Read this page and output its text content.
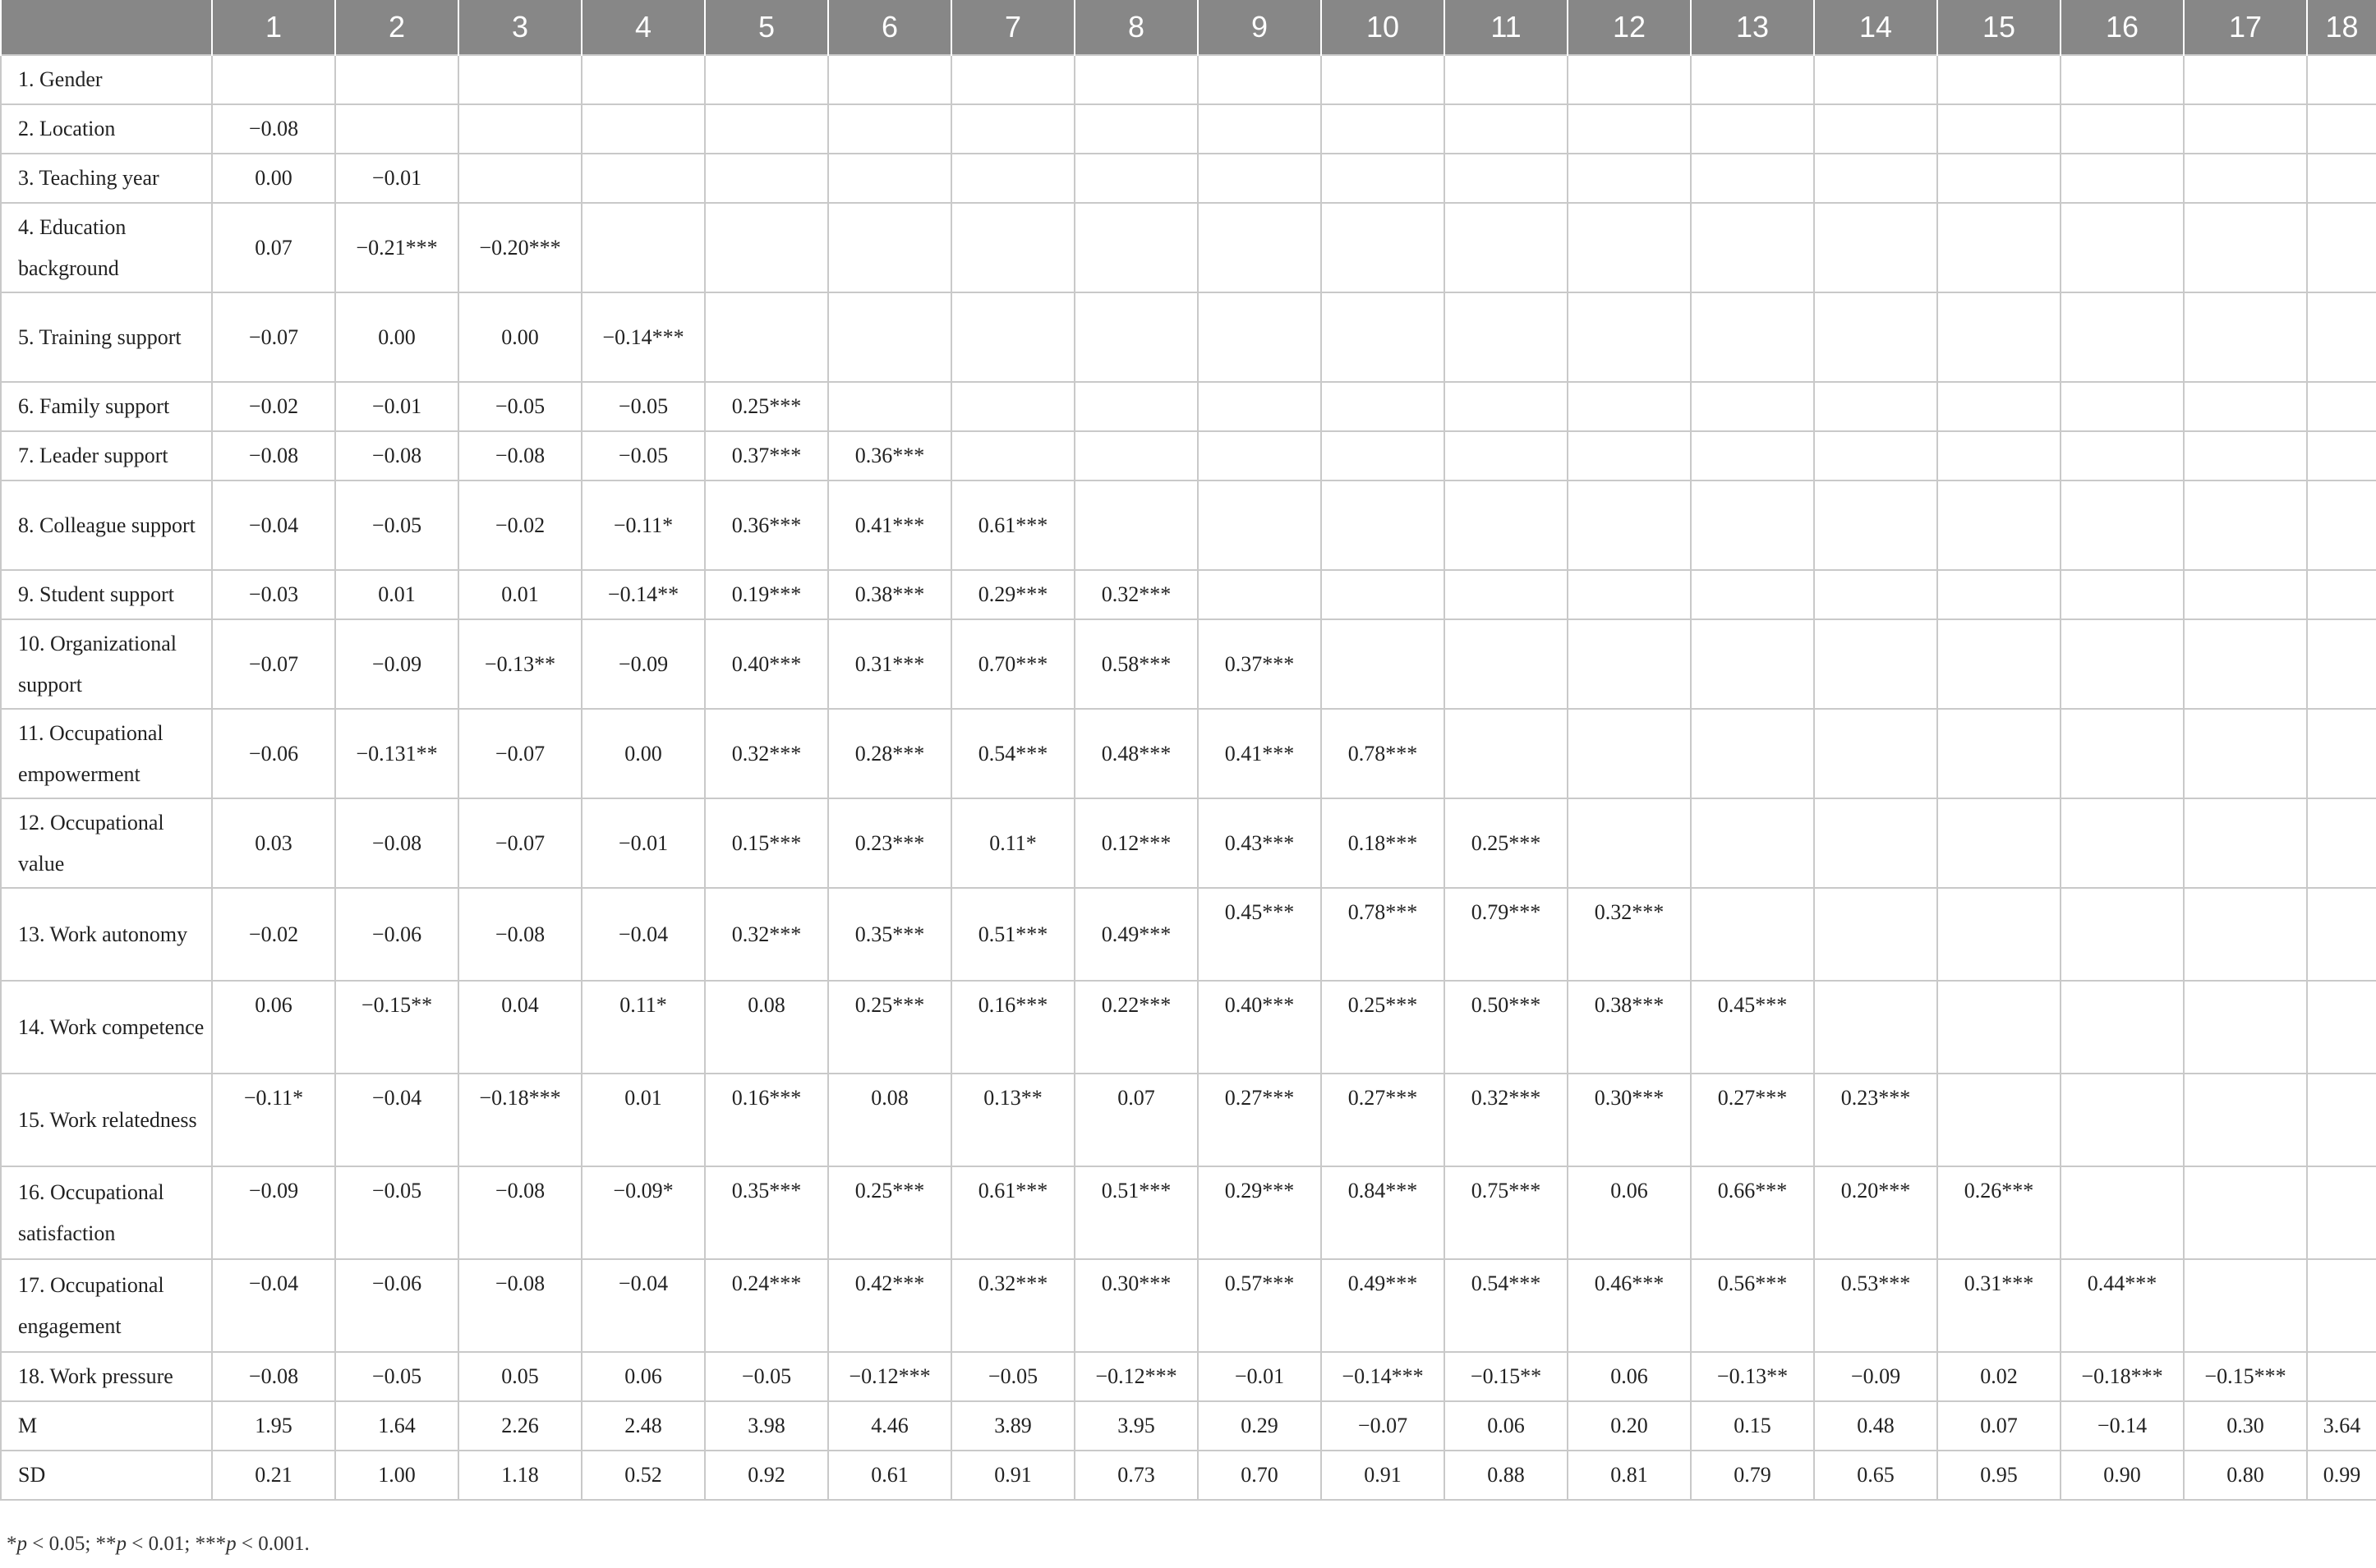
	1	2	3	4	5	6	7	8	9	10	11	12	13	14	15	16	17	18
1. Gender																		
2. Location	−0.08																	
3. Teaching year	0.00	−0.01																
4. Education background	0.07	−0.21***	−0.20***															
5. Training support	−0.07	0.00	0.00	−0.14***														
6. Family support	−0.02	−0.01	−0.05	−0.05	0.25***													
7. Leader support	−0.08	−0.08	−0.08	−0.05	0.37***	0.36***												
8. Colleague support	−0.04	−0.05	−0.02	−0.11*	0.36***	0.41***	0.61***											
9. Student support	−0.03	0.01	0.01	−0.14**	0.19***	0.38***	0.29***	0.32***										
10. Organizational support	−0.07	−0.09	−0.13**	−0.09	0.40***	0.31***	0.70***	0.58***	0.37***									
11. Occupational empowerment	−0.06	−0.131**	−0.07	0.00	0.32***	0.28***	0.54***	0.48***	0.41***	0.78***								
12. Occupational value	0.03	−0.08	−0.07	−0.01	0.15***	0.23***	0.11*	0.12***	0.43***	0.18***	0.25***							
13. Work autonomy	−0.02	−0.06	−0.08	−0.04	0.32***	0.35***	0.51***	0.49***	0.45***	0.78***	0.79***	0.32***						
14. Work competence	0.06	−0.15**	0.04	0.11*	0.08	0.25***	0.16***	0.22***	0.40***	0.25***	0.50***	0.38***	0.45***					
15. Work relatedness	−0.11*	−0.04	−0.18***	0.01	0.16***	0.08	0.13**	0.07	0.27***	0.27***	0.32***	0.30***	0.27***	0.23***				
16. Occupational satisfaction	−0.09	−0.05	−0.08	−0.09*	0.35***	0.25***	0.61***	0.51***	0.29***	0.84***	0.75***	0.06	0.66***	0.20***	0.26***			
17. Occupational engagement	−0.04	−0.06	−0.08	−0.04	0.24***	0.42***	0.32***	0.30***	0.57***	0.49***	0.54***	0.46***	0.56***	0.53***	0.31***	0.44***		
18. Work pressure	−0.08	−0.05	0.05	0.06	−0.05	−0.12***	−0.05	−0.12***	−0.01	−0.14***	−0.15**	0.06	−0.13**	−0.09	0.02	−0.18***	−0.15***	
M	1.95	1.64	2.26	2.48	3.98	4.46	3.89	3.95	0.29	−0.07	0.06	0.20	0.15	0.48	0.07	−0.14	0.30	3.64
SD	0.21	1.00	1.18	0.52	0.92	0.61	0.91	0.73	0.70	0.91	0.88	0.81	0.79	0.65	0.95	0.90	0.80	0.99
*p < 0.05; **p < 0.01; ***p < 0.001.
